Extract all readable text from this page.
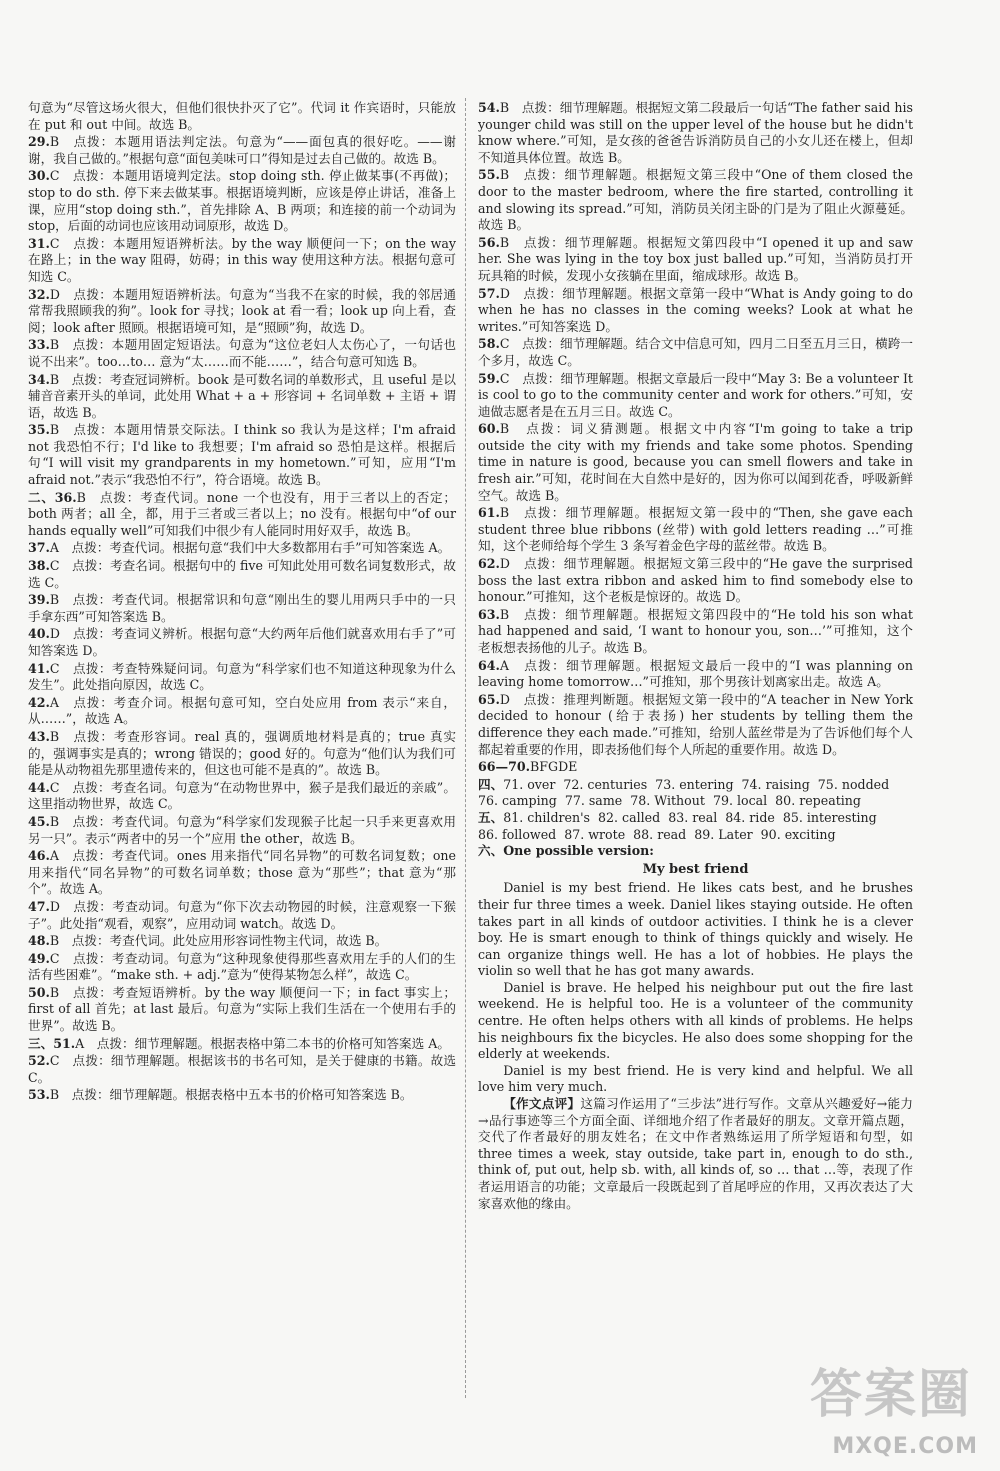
句意为“尽管这场火很大，但他们很快扑灭了它”。代词 it 作宾语时，只能放在 put 和 out 中间。故选 B。
29.B　点拨：本题用语法判定法。句意为“——面包真的很好吃。——谢谢，我自己做的。”根据句意“面包美味可口”得知是过去自己做的。故选 B。
30.C　点拨：本题用语境判定法。stop doing sth. 停止做某事(不再做)；stop to do sth. 停下来去做某事。根据语境判断，应该是停止讲话，准备上课，应用“stop doing sth.”，首先排除 A、B 两项；和连接的前一个动词为 stop，后面的动词也应该用动词原形，故选 D。
31.C　点拨：本题用短语辨析法。by the way 顺便问一下；on the way 在路上；in the way 阻碍，妨碍；in this way 使用这种方法。根据句意可知选 C。
32.D　点拨：本题用短语辨析法。句意为“当我不在家的时候，我的邻居通常帮我照顾我的狗”。look for 寻找；look at 看一看；look up 向上看，查阅；look after 照顾。根据语境可知，是“照顾”狗，故选 D。
33.B　点拨：本题用固定短语法。句意为“这位老妇人太伤心了，一句话也说不出来”。too…to… 意为“太……而不能……”，结合句意可知选 B。
34.B　点拨：考查冠词辨析。book 是可数名词的单数形式，且 useful 是以辅音音素开头的单词，此处用 What + a + 形容词 + 名词单数 + 主语 + 谓语，故选 B。
35.B　点拨：本题用情景交际法。I think so 我认为是这样；I'm afraid not 我恐怕不行；I'd like to 我想要；I'm afraid so 恐怕是这样。根据后句“I will visit my grandparents in my hometown.”可知，应用“I'm afraid not.”表示“我恐怕不行”，符合语境。故选 B。
二、36.B　点拨：考查代词。none 一个也没有，用于三者以上的否定；both 两者；all 全，都，用于三者或三者以上；no 没有。根据句中“of our hands equally well”可知我们中很少有人能同时用好双手，故选 B。
37.A　点拨：考查代词。根据句意“我们中大多数都用右手”可知答案选 A。
38.C　点拨：考查名词。根据句中的 five 可知此处用可数名词复数形式，故选 C。
39.B　点拨：考查代词。根据常识和句意“刚出生的婴儿用两只手中的一只手拿东西”可知答案选 B。
40.D　点拨：考查词义辨析。根据句意“大约两年后他们就喜欢用右手了”可知答案选 D。
41.C　点拨：考查特殊疑问词。句意为“科学家们也不知道这种现象为什么发生”。此处指向原因，故选 C。
42.A　点拨：考查介词。根据句意可知，空白处应用 from 表示“来自，从……”，故选 A。
43.B　点拨：考查形容词。real 真的，强调质地材料是真的；true 真实的，强调事实是真的；wrong 错误的；good 好的。句意为“他们认为我们可能是从动物祖先那里遗传来的，但这也可能不是真的”。故选 B。
44.C　点拨：考查名词。句意为“在动物世界中，猴子是我们最近的亲戚”。这里指动物世界，故选 C。
45.B　点拨：考查代词。句意为“科学家们发现猴子比起一只手来更喜欢用另一只”。表示“两者中的另一个”应用 the other，故选 B。
46.A　点拨：考查代词。ones 用来指代“同名异物”的可数名词复数；one 用来指代“同名异物”的可数名词单数；those 意为“那些”；that 意为“那个”。故选 A。
47.D　点拨：考查动词。句意为“你下次去动物园的时候，注意观察一下猴子”。此处指“观看，观察”，应用动词 watch。故选 D。
48.B　点拨：考查代词。此处应用形容词性物主代词，故选 B。
49.C　点拨：考查动词。句意为“这种现象使得那些喜欢用左手的人们的生活有些困难”。“make sth. + adj.”意为“使得某物怎么样”，故选 C。
50.B　点拨：考查短语辨析。by the way 顺便问一下；in fact 事实上；first of all 首先；at last 最后。句意为“实际上我们生活在一个使用右手的世界”。故选 B。
三、51.A　点拨：细节理解题。根据表格中第二本书的价格可知答案选 A。
52.C　点拨：细节理解题。根据该书的书名可知，是关于健康的书籍。故选 C。
53.B　点拨：细节理解题。根据表格中五本书的价格可知答案选 B。
54.B　点拨：细节理解题。根据短文第二段最后一句话“The father said his younger child was still on the upper level of the house but he didn't know where.”可知，是女孩的爸爸告诉消防员自己的小女儿还在楼上，但却不知道具体位置。故选 B。
55.B　点拨：细节理解题。根据短文第三段中“One of them closed the door to the master bedroom, where the fire started, controlling it and slowing its spread.”可知，消防员关闭主卧的门是为了阻止火源蔓延。故选 B。
56.B　点拨：细节理解题。根据短文第四段中“I opened it up and saw her. She was lying in the toy box just balled up.”可知，当消防员打开玩具箱的时候，发现小女孩躺在里面，缩成球形。故选 B。
57.D　点拨：细节理解题。根据文章第一段中“What is Andy going to do when he has no classes in the coming weeks? Look at what he writes.”可知答案选 D。
58.C　点拨：细节理解题。结合文中信息可知，四月二日至五月三日，横跨一个多月，故选 C。
59.C　点拨：细节理解题。根据文章最后一段中“May 3: Be a volunteer It is cool to go to the community center and work for others.”可知，安迪做志愿者是在五月三日。故选 C。
60.B　点拨：词义猜测题。根据文中内容“I'm going to take a trip outside the city with my friends and take some photos. Spending time in nature is good, because you can smell flowers and take in fresh air.”可知，花时间在大自然中是好的，因为你可以闻到花香，呼吸新鲜空气。故选 B。
61.B　点拨：细节理解题。根据短文第一段中的“Then, she gave each student three blue ribbons (丝带) with gold letters reading …”可推知，这个老师给每个学生 3 条写着金色字母的蓝丝带。故选 B。
62.D　点拨：细节理解题。根据短文第三段中的“He gave the surprised boss the last extra ribbon and asked him to find somebody else to honour.”可推知，这个老板是惊讶的。故选 D。
63.B　点拨：细节理解题。根据短文第四段中的“He told his son what had happened and said, ‘I want to honour you, son…’”可推知，这个老板想表扬他的儿子。故选 B。
64.A　点拨：细节理解题。根据短文最后一段中的“I was planning on leaving home tomorrow…”可推知，那个男孩计划离家出走。故选 A。
65.D　点拨：推理判断题。根据短文第一段中的“A teacher in New York decided to honour (给于表扬) her students by telling them the difference they each made.”可推知，给别人蓝丝带是为了告诉他们每个人都起着重要的作用，即表扬他们每个人所起的重要作用。故选 D。
66—70.BFGDE
四、 71. over 72. centuries 73. entering 74. raising 75. nodded
76. camping 77. same 78. Without 79. local 80. repeating
五、 81. children's 82. called 83. real 84. ride 85. interesting
86. followed 87. wrote 88. read 89. Later 90. exciting
六、One possible version:
My best friend
Daniel is my best friend. He likes cats best, and he brushes their fur three times a week. Daniel likes staying outside. He often takes part in all kinds of outdoor activities. I think he is a clever boy. He is smart enough to think of things quickly and wisely. He can organize things well. He has a lot of hobbies. He plays the violin so well that he has got many awards.
Daniel is brave. He helped his neighbour put out the fire last weekend. He is helpful too. He is a volunteer of the community centre. He often helps others with all kinds of problems. He helps his neighbours fix the bicycles. He also does some shopping for the elderly at weekends.
Daniel is my best friend. He is very kind and helpful. We all love him very much.
【作文点评】这篇习作运用了“三步法”进行写作。文章从兴趣爱好→能力→品行事迹等三个方面全面、详细地介绍了作者最好的朋友。文章开篇点题，交代了作者最好的朋友姓名；在文中作者熟练运用了所学短语和句型，如 three times a week, stay outside, take part in, enough to do sth., think of, put out, help sb. with, all kinds of, so … that …等，表现了作者运用语言的功能；文章最后一段既起到了首尾呼应的作用，又再次表达了大家喜欢他的缘由。
答案圈
MXQE.COM
